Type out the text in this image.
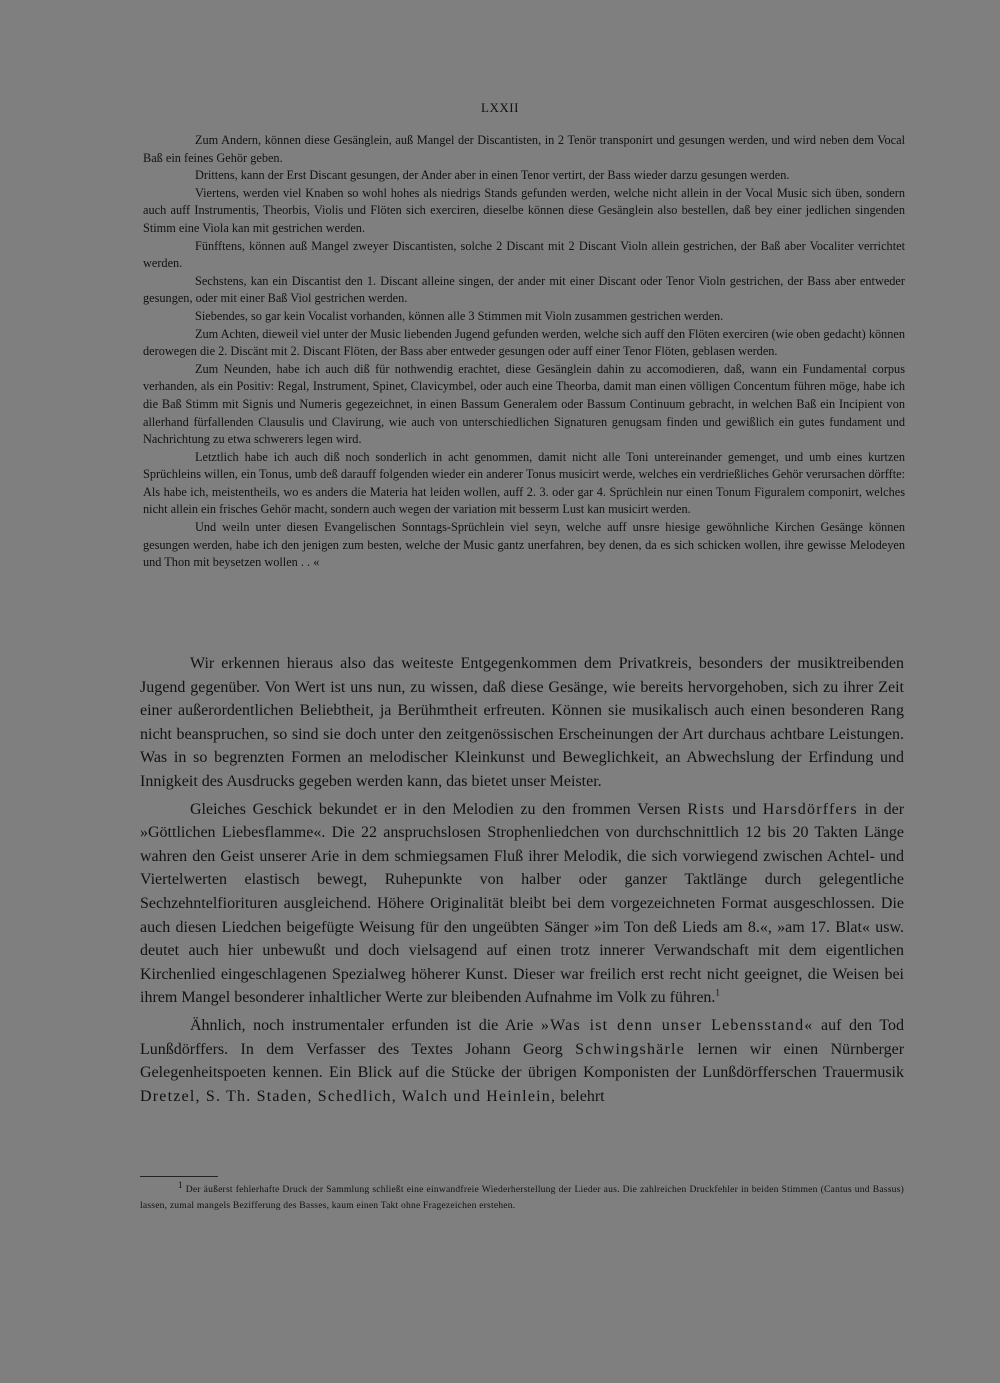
LXXII

Zum Andern, können diese Gesänglein, auß Mangel der Discantisten, in 2 Tenör transponirt und gesungen werden, und wird neben dem Vocal Baß ein feines Gehör geben.

Drittens, kann der Erst Discant gesungen, der Ander aber in einen Tenor vertirt, der Bass wieder darzu gesungen werden.

Viertens, werden viel Knaben so wohl hohes als niedrigs Stands gefunden werden, welche nicht allein in der Vocal Music sich üben, sondern auch auff Instrumentis, Theorbis, Violis und Flöten sich exerciren, dieselbe können diese Gesänglein also bestellen, daß bey einer jedlichen singenden Stimm eine Viola kan mit gestrichen werden.

Fünfftens, können auß Mangel zweyer Discantisten, solche 2 Discant mit 2 Discant Violn allein gestrichen, der Baß aber Vocaliter verrichtet werden.

Sechstens, kan ein Discantist den 1. Discant alleine singen, der ander mit einer Discant oder Tenor Violn gestrichen, der Bass aber entweder gesungen, oder mit einer Baß Viol gestrichen werden.

Siebendes, so gar kein Vocalist vorhanden, können alle 3 Stimmen mit Violn zusammen gestrichen werden.

Zum Achten, dieweil viel unter der Music liebenden Jugend gefunden werden, welche sich auff den Flöten exerciren (wie oben gedacht) können derowegen die 2. Discänt mit 2. Discant Flöten, der Bass aber entweder gesungen oder auff einer Tenor Flöten, geblasen werden.

Zum Neunden, habe ich auch diß für nothwendig erachtet, diese Gesänglein dahin zu accomodieren, daß, wann ein Fundamental corpus verhanden, als ein Positiv: Regal, Instrument, Spinet, Clavicymbel, oder auch eine Theorba, damit man einen völligen Concentum führen möge, habe ich die Baß Stimm mit Signis und Numeris gegezeichnet, in einen Bassum Generalem oder Bassum Continuum gebracht, in welchen Baß ein Incipient von allerhand fürfallenden Clausulis und Clavirung, wie auch von unterschiedlichen Signaturen genugsam finden und gewißlich ein gutes fundament und Nachrichtung zu etwa schwerers legen wird.

Letztlich habe ich auch diß noch sonderlich in acht genommen, damit nicht alle Toni untereinander gemenget, und umb eines kurtzen Sprüchleins willen, ein Tonus, umb deß darauff folgenden wieder ein anderer Tonus musicirt werde, welches ein verdrießliches Gehör verursachen dörffte: Als habe ich, meistentheils, wo es anders die Materia hat leiden wollen, auff 2. 3. oder gar 4. Sprüchlein nur einen Tonum Figuralem componirt, welches nicht allein ein frisches Gehör macht, sondern auch wegen der variation mit besserm Lust kan musicirt werden.

Und weiln unter diesen Evangelischen Sonntags-Sprüchlein viel seyn, welche auff unsre hiesige gewöhnliche Kirchen Gesänge können gesungen werden, habe ich den jenigen zum besten, welche der Music gantz unerfahren, bey denen, da es sich schicken wollen, ihre gewisse Melodeyen und Thon mit beysetzen wollen . . «

Wir erkennen hieraus also das weiteste Entgegenkommen dem Privatkreis, besonders der musiktreibenden Jugend gegenüber. Von Wert ist uns nun, zu wissen, daß diese Gesänge, wie bereits hervorgehoben, sich zu ihrer Zeit einer außerordentlichen Beliebtheit, ja Berühmtheit erfreuten. Können sie musikalisch auch einen besonderen Rang nicht beanspruchen, so sind sie doch unter den zeitgenössischen Erscheinungen der Art durchaus achtbare Leistungen. Was in so begrenzten Formen an melodischer Kleinkunst und Beweglichkeit, an Abwechslung der Erfindung und Innigkeit des Ausdrucks gegeben werden kann, das bietet unser Meister.

Gleiches Geschick bekundet er in den Melodien zu den frommen Versen Rists und Harsdörffers in der »Göttlichen Liebesflamme«. Die 22 anspruchslosen Strophenliedchen von durchschnittlich 12 bis 20 Takten Länge wahren den Geist unserer Arie in dem schmiegsamen Fluß ihrer Melodik, die sich vorwiegend zwischen Achtel- und Viertelwerten elastisch bewegt, Ruhepunkte von halber oder ganzer Taktlänge durch gelegentliche Sechzehntelfiorituren ausgleichend. Höhere Originalität bleibt bei dem vorgezeichneten Format ausgeschlossen. Die auch diesen Liedchen beigefügte Weisung für den ungeübten Sänger »im Ton deß Lieds am 8.«, »am 17. Blat« usw. deutet auch hier unbewußt und doch vielsagend auf einen trotz innerer Verwandschaft mit dem eigentlichen Kirchenlied eingeschlagenen Spezialweg höherer Kunst. Dieser war freilich erst recht nicht geeignet, die Weisen bei ihrem Mangel besonderer inhaltlicher Werte zur bleibenden Aufnahme im Volk zu führen.$^1$

Ähnlich, noch instrumentaler erfunden ist die Arie »Was ist denn unser Lebensstand« auf den Tod Lunßdörffers. In dem Verfasser des Textes Johann Georg Schwingshärle lernen wir einen Nürnberger Gelegenheitspoeten kennen. Ein Blick auf die Stücke der übrigen Komponisten der Lunßdörfferschen Trauermusik Dretzel, S. Th. Staden, Schedlich, Walch und Heinlein, belehrt

$^1$ Der äußerst fehlerhafte Druck der Sammlung schließt eine einwandfreie Wiederherstellung der Lieder aus. Die zahlreichen Druckfehler in beiden Stimmen (Cantus und Bassus) lassen, zumal mangels Bezifferung des Basses, kaum einen Takt ohne Fragezeichen erstehen.
